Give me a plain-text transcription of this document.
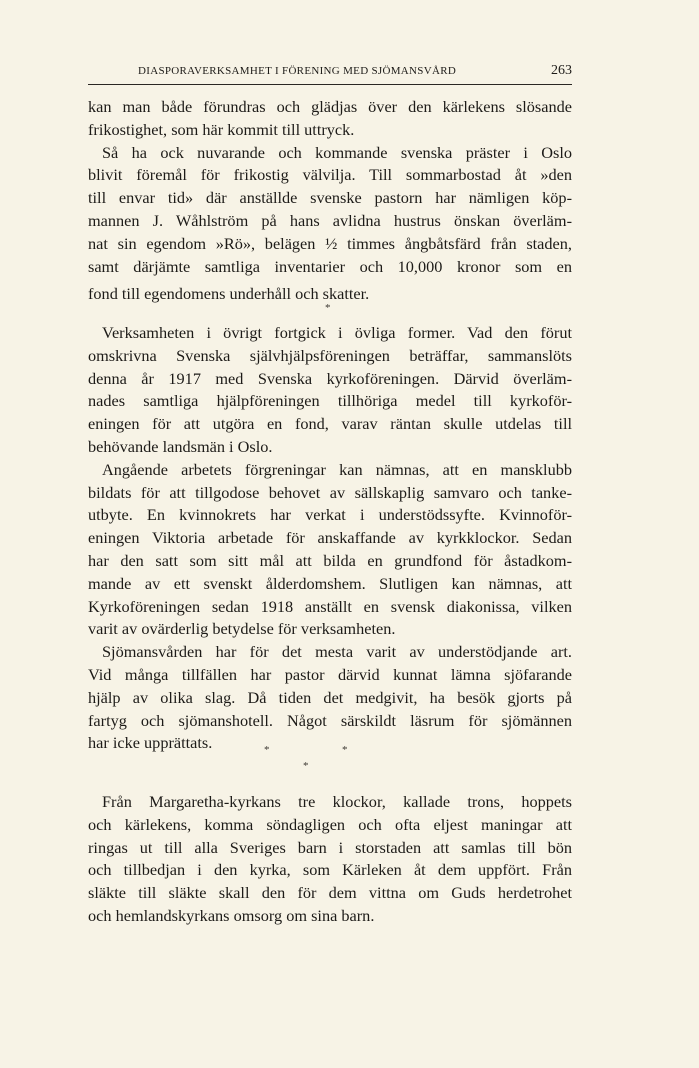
DIASPORAVERKSAMHET I FÖRENING MED SJÖMANSVÅRD	263
kan man både förundras och glädjas över den kärlekens slösande
frikostighet, som här kommit till uttryck.
Så ha ock nuvarande och kommande svenska präster i Oslo
blivit föremål för frikostig välvilja. Till sommarbostad åt »den
till envar tid» där anställde svenske pastorn har nämligen köp-
mannen J. Wåhlström på hans avlidna hustrus önskan överläm-
nat sin egendom »Rö», belägen ½ timmes ångbåtsfärd från staden,
samt därjämte samtliga inventarier och 10,000 kronor som en
fond till egendomens underhåll och skatter.
*
Verksamheten i övrigt fortgick i övliga former. Vad den förut
omskrivna Svenska självhjälpsföreningen beträffar, sammanslöts
denna år 1917 med Svenska kyrkoföreningen. Därvid överläm-
nades samtliga hjälpföreningen tillhöriga medel till kyrkoför-
eningen för att utgöra en fond, varav räntan skulle utdelas till
behövande landsmän i Oslo.
Angående arbetets förgreningar kan nämnas, att en mansklubb
bildats för att tillgodose behovet av sällskaplig samvaro och tanke-
utbyte. En kvinnokrets har verkat i understödssyfte. Kvinnoför-
eningen Viktoria arbetade för anskaffande av kyrkklockor. Sedan
har den satt som sitt mål att bilda en grundfond för åstadkom-
mande av ett svenskt ålderdomshem. Slutligen kan nämnas, att
Kyrkoföreningen sedan 1918 anställt en svensk diakonissa, vilken
varit av ovärderlig betydelse för verksamheten.
Sjömansvården har för det mesta varit av understödjande art.
Vid många tillfällen har pastor därvid kunnat lämna sjöfarande
hjälp av olika slag. Då tiden det medgivit, ha besök gjorts på
fartyg och sjömanshotell. Något särskildt läsrum för sjömännen
har icke upprättats.	*	*
*
Från Margaretha-kyrkans tre klockor, kallade trons, hoppets
och kärlekens, komma söndagligen och ofta eljest maningar att
ringas ut till alla Sveriges barn i storstaden att samlas till bön
och tillbedjan i den kyrka, som Kärleken åt dem uppfört. Från
släkte till släkte skall den för dem vittna om Guds herdetrohet
och hemlandskyrkans omsorg om sina barn.
